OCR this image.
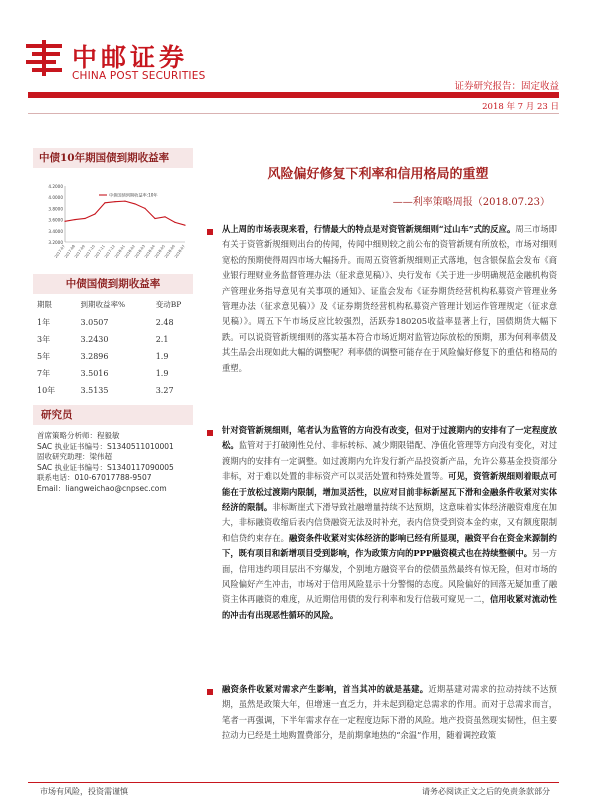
中邮证券
CHINA POST SECURITIES
证券研究报告：固定收益
2018 年 7 月 23 日
中债10年期国债到期收益率
4.2000
4.0000
3.8000
3.6000
3.4000
3.2000
2017-07
2017-08
2017-09
2017-10
2017-11
2017-12
2018-01
2018-02
2018-03
2018-04
2018-05
2018-06
2018-07
中债国债到期收益率:10年
中债国债到期收益率
期限	到期收益率%	变动BP
1年	3.0507	2.48
3年	3.2430	2.1
5年	3.2896	1.9
7年	3.5016	1.9
10年	3.5135	3.27
研究员
首席策略分析师：程毅敏
SAC 执业证书编号：S1340511010001
固收研究助理：梁伟超
SAC 执业证书编号：S1340117090005
联系电话：010-67017788-9507
Email：liangweichao@cnpsec.com
风险偏好修复下利率和信用格局的重塑
——利率策略周报（2018.07.23）
从上周的市场表现来看，行情最大的特点是对资管新规细则“过山车”式的反应。周三市场即有关于资管新规细则出台的传闻，传闻中细则较之前公布的资管新规有所放松，市场对细则宽松的预期使得周四市场大幅扬升。而周五资管新规细则正式落地，包含银保监会发布《商业银行理财业务监督管理办法（征求意见稿）》、央行发布《关于进一步明确规范金融机构资产管理业务指导意见有关事项的通知》、证监会发布《证券期货经营机构私募资产管理业务管理办法（征求意见稿）》及《证券期货经营机构私募资产管理计划运作管理规定（征求意见稿）》。周五下午市场反应比较强烈，活跃券180205收益率显著上行，国债期货大幅下跌。可以说资管新规细则的落实基本符合市场近期对监管边际放松的预期，那为何利率债及其生品会出现如此大幅的调整呢？利率债的调整可能存在于风险偏好修复下的重估和格局的重塑。
针对资管新规细则，笔者认为监管的方向没有改变，但对于过渡期内的安排有了一定程度放松。监管对于打破刚性兑付、非标转标、减少期限错配、净值化管理等方向没有变化，对过渡期内的安排有一定调整。如过渡期内允许发行新产品投资新产品，允许公募基金投资部分非标，对于难以处置的非标资产可以灵活处置和特殊处置等。可见，资管新规细则着眼点可能在于放松过渡期内限制，增加灵活性，以应对目前非标新屋瓦下滑和金融条件收紧对实体经济的限制。非标断崖式下滑导致社融增量持续不达预期，这意味着实体经济融资难度在加大，非标融资收缩后表内信贷融资无法及时补充，表内信贷受到资本金约束，又有额度限制和信贷约束存在。融资条件收紧对实体经济的影响已经有所显现，融资平台在资金来源制约下，既有项目和新增项目受到影响，作为政策方向的PPP融资模式也在持续整顿中。另一方面，信用违约项目层出不穷爆发，个别地方融资平台的偿债虽然最终有惊无险，但对市场的风险偏好产生冲击，市场对于信用风险显示十分警惕的态度。风险偏好的回落无疑加重了融资主体再融资的难度，从近期信用债的发行利率和发行信载可窥见一二，信用收紧对流动性的冲击有出现恶性循环的风险。
融资条件收紧对需求产生影响，首当其冲的就是基建。近期基建对需求的拉动持续不达预期，虽然是政策大年，但增速一直乏力，并未起到稳定总需求的作用。而对于总需求而言，笔者一再强调，下半年需求存在一定程度边际下滑的风险。地产投资虽然现实韧性，但主要拉动力已经是土地购置费部分，是前期拿地热的“余温”作用，随着调控政策
市场有风险，投资需谨慎	请务必阅读正文之后的免责条款部分
